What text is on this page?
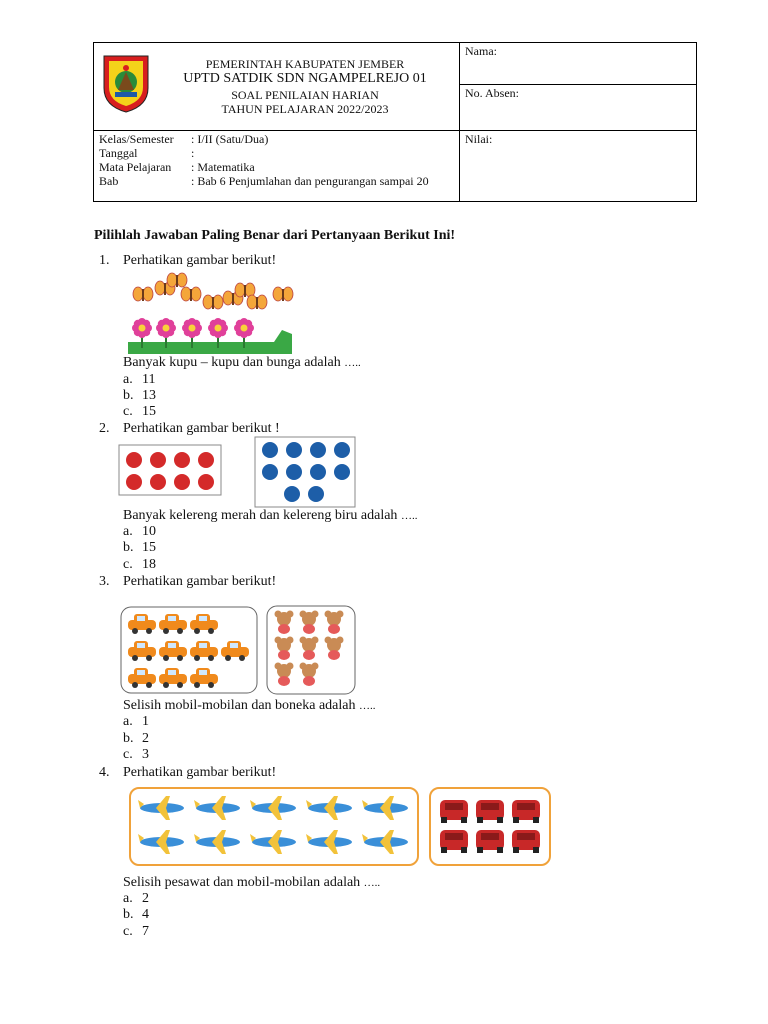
PEMERINTAH KABUPATEN JEMBER
UPTD SATDIK SDN NGAMPELREJO 01
SOAL PENILAIAN HARIAN
TAHUN PELAJARAN 2022/2023
Nama:
No. Absen:
Nilai:
Kelas/Semester : I/II (Satu/Dua)
Tanggal	:
Mata Pelajaran : Matematika
Bab	: Bab 6 Penjumlahan dan pengurangan sampai 20
Pilihlah Jawaban Paling Benar dari Pertanyaan Berikut Ini!
1. Perhatikan gambar berikut!
Banyak kupu – kupu dan bunga adalah …..
a. 11
b. 13
c. 15
2. Perhatikan gambar berikut !
Banyak kelereng merah dan kelereng biru adalah …..
a. 10
b. 15
c. 18
3. Perhatikan gambar berikut!
Selisih mobil-mobilan dan boneka adalah …..
a. 1
b. 2
c. 3
4. Perhatikan gambar berikut!
Selisih pesawat dan mobil-mobilan adalah …..
a. 2
b. 4
c. 7
